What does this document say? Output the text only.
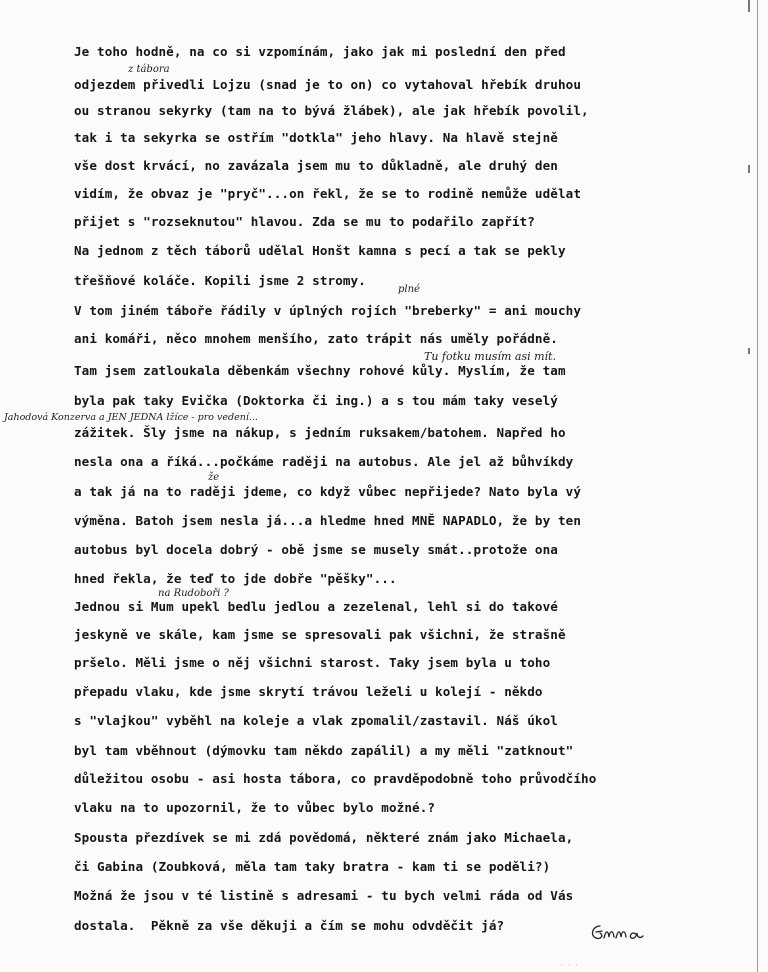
Je toho hodně, na co si vzpomínám, jako jak mi poslední den před

odjezdem přivedli Lojzu (snad je to on) co vytahoval hřebík druhou

ou stranou sekyrky (tam na to bývá žlábek), ale jak hřebík povolil,

tak i ta sekyrka se ostřím "dotkla" jeho hlavy. Na hlavě stejně

vše dost krvácí, no zavázala jsem mu to důkladně, ale druhý den

vidím, že obvaz je "pryč"...on řekl, že se to rodině nemůže udělat

přijet s "rozseknutou" hlavou. Zda se mu to podařilo zapřít?

Na jednom z těch táborů udělal Honšt kamna s pecí a tak se pekly

třešňové koláče. Kopili jsme 2 stromy.

V tom jiném táboře řádily v úplných rojích "breberky" = ani mouchy

ani komáři, něco mnohem menšího, zato trápit nás uměly pořádně.

Tam jsem zatloukala děbenkám všechny rohové kůly. Myslím, že tam

byla pak taky Evička (Doktorka či ing.) a s tou mám taky veselý

zážitek. Šly jsme na nákup, s jedním ruksakem/batohem. Napřed ho

nesla ona a říká...počkáme raději na autobus. Ale jel až bůhvíkdy

a tak já na to raději jdeme, co když vůbec nepřijede? Nato byla vý

výměna. Batoh jsem nesla já...a hledme hned MNĚ NAPADLO, že by ten

autobus byl docela dobrý - obě jsme se musely smát..protože ona

hned řekla, že teď to jde dobře "pěšky"...

Jednou si Mum upekl bedlu jedlou a zezelenal, lehl si do takové

jeskyně ve skále, kam jsme se spresovali pak všichni, že strašně

pršelo. Měli jsme o něj všichni starost. Taky jsem byla u toho

přepadu vlaku, kde jsme skrytí trávou leželi u kolejí - někdo

s "vlajkou" vyběhl na koleje a vlak zpomalil/zastavil. Náš úkol

byl tam vběhnout (dýmovku tam někdo zapálil) a my měli "zatknout"

důležitou osobu - asi hosta tábora, co pravděpodobně toho průvodčího

vlaku na to upozornil, že to vůbec bylo možné.?

Spousta přezdívek se mi zdá povědomá, některé znám jako Michaela,

či Gabina (Zoubková, měla tam taky bratra - kam ti se poděli?)

Možná že jsou v té listině s adresami - tu bych velmi ráda od Vás

dostala.  Pěkně za vše děkuji a čím se mohu odvděčit já?

z tábora
plné
Tu fotku musím asi mít.
Jahodová Konzerva a JEN JEDNA lžíce - pro vedení...
že
na Rudoboři ?
· · ·
